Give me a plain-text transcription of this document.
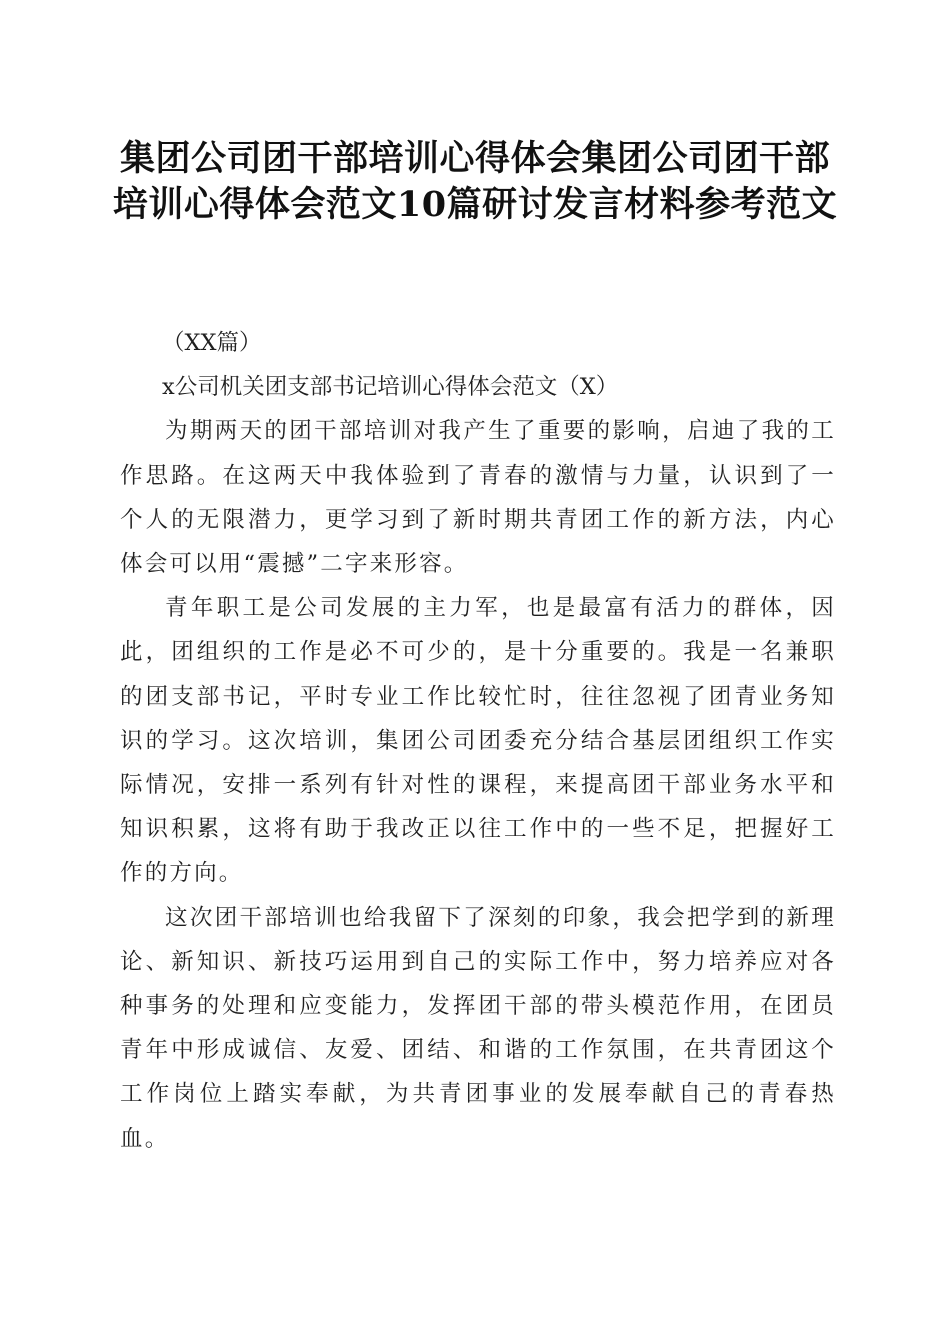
集团公司团干部培训心得体会集团公司团干部培训心得体会范文10篇研讨发言材料参考范文

（XX篇）

x公司机关团支部书记培训心得体会范文（X）

为期两天的团干部培训对我产生了重要的影响，启迪了我的工作思路。在这两天中我体验到了青春的激情与力量，认识到了一个人的无限潜力，更学习到了新时期共青团工作的新方法，内心体会可以用“震撼”二字来形容。

青年职工是公司发展的主力军，也是最富有活力的群体，因此，团组织的工作是必不可少的，是十分重要的。我是一名兼职的团支部书记，平时专业工作比较忙时，往往忽视了团青业务知识的学习。这次培训，集团公司团委充分结合基层团组织工作实际情况，安排一系列有针对性的课程，来提高团干部业务水平和知识积累，这将有助于我改正以往工作中的一些不足，把握好工作的方向。

这次团干部培训也给我留下了深刻的印象，我会把学到的新理论、新知识、新技巧运用到自己的实际工作中，努力培养应对各种事务的处理和应变能力，发挥团干部的带头模范作用，在团员青年中形成诚信、友爱、团结、和谐的工作氛围，在共青团这个工作岗位上踏实奉献，为共青团事业的发展奉献自己的青春热血。
